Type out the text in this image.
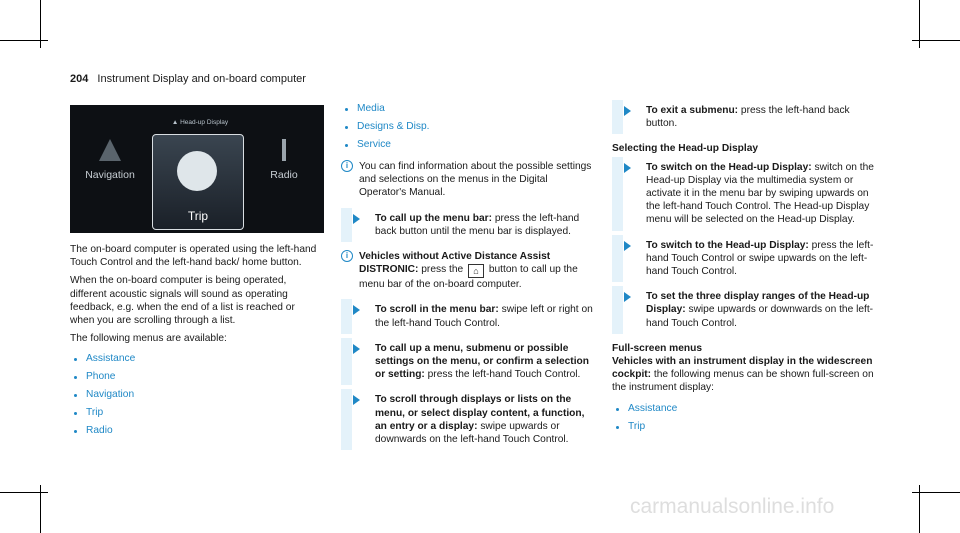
204 Instrument Display and on-board computer
▲ Head-up Display
Navigation
Trip
Radio

The on-board computer is operated using the left-hand Touch Control and the left-hand back/ home button.

When the on-board computer is being operated, different acoustic signals will sound as operating feedback, e.g. when the end of a list is reached or when you are scrolling through a list.

The following menus are available:

Assistance
Phone
Navigation
Trip
Radio
Media
Designs & Disp.
Service
i	You can find information about the possible settings and selections on the menus in the Digital Operator's Manual.
To call up the menu bar: press the left-hand back button until the menu bar is displayed.
i	Vehicles without Active Distance Assist DISTRONIC: press the ⌂ button to call up the menu bar of the on-board computer.
To scroll in the menu bar: swipe left or right on the left-hand Touch Control.
To call up a menu, submenu or possible settings on the menu, or confirm a selection or setting: press the left-hand Touch Control.
To scroll through displays or lists on the menu, or select display content, a function, an entry or a display: swipe upwards or downwards on the left-hand Touch Control.
To exit a submenu: press the left-hand back button.

Selecting the Head-up Display

To switch on the Head-up Display: switch on the Head-up Display via the multimedia system or activate it in the menu bar by swiping upwards on the left-hand Touch Control. The Head-up Display menu will be selected on the Head-up Display.
To switch to the Head-up Display: press the left-hand Touch Control or swipe upwards on the left-hand Touch Control.
To set the three display ranges of the Head-up Display: swipe upwards or downwards on the left-hand Touch Control.

Full-screen menus

Vehicles with an instrument display in the widescreen cockpit: the following menus can be shown full-screen on the instrument display:

Assistance
Trip
carmanualsonline.info
